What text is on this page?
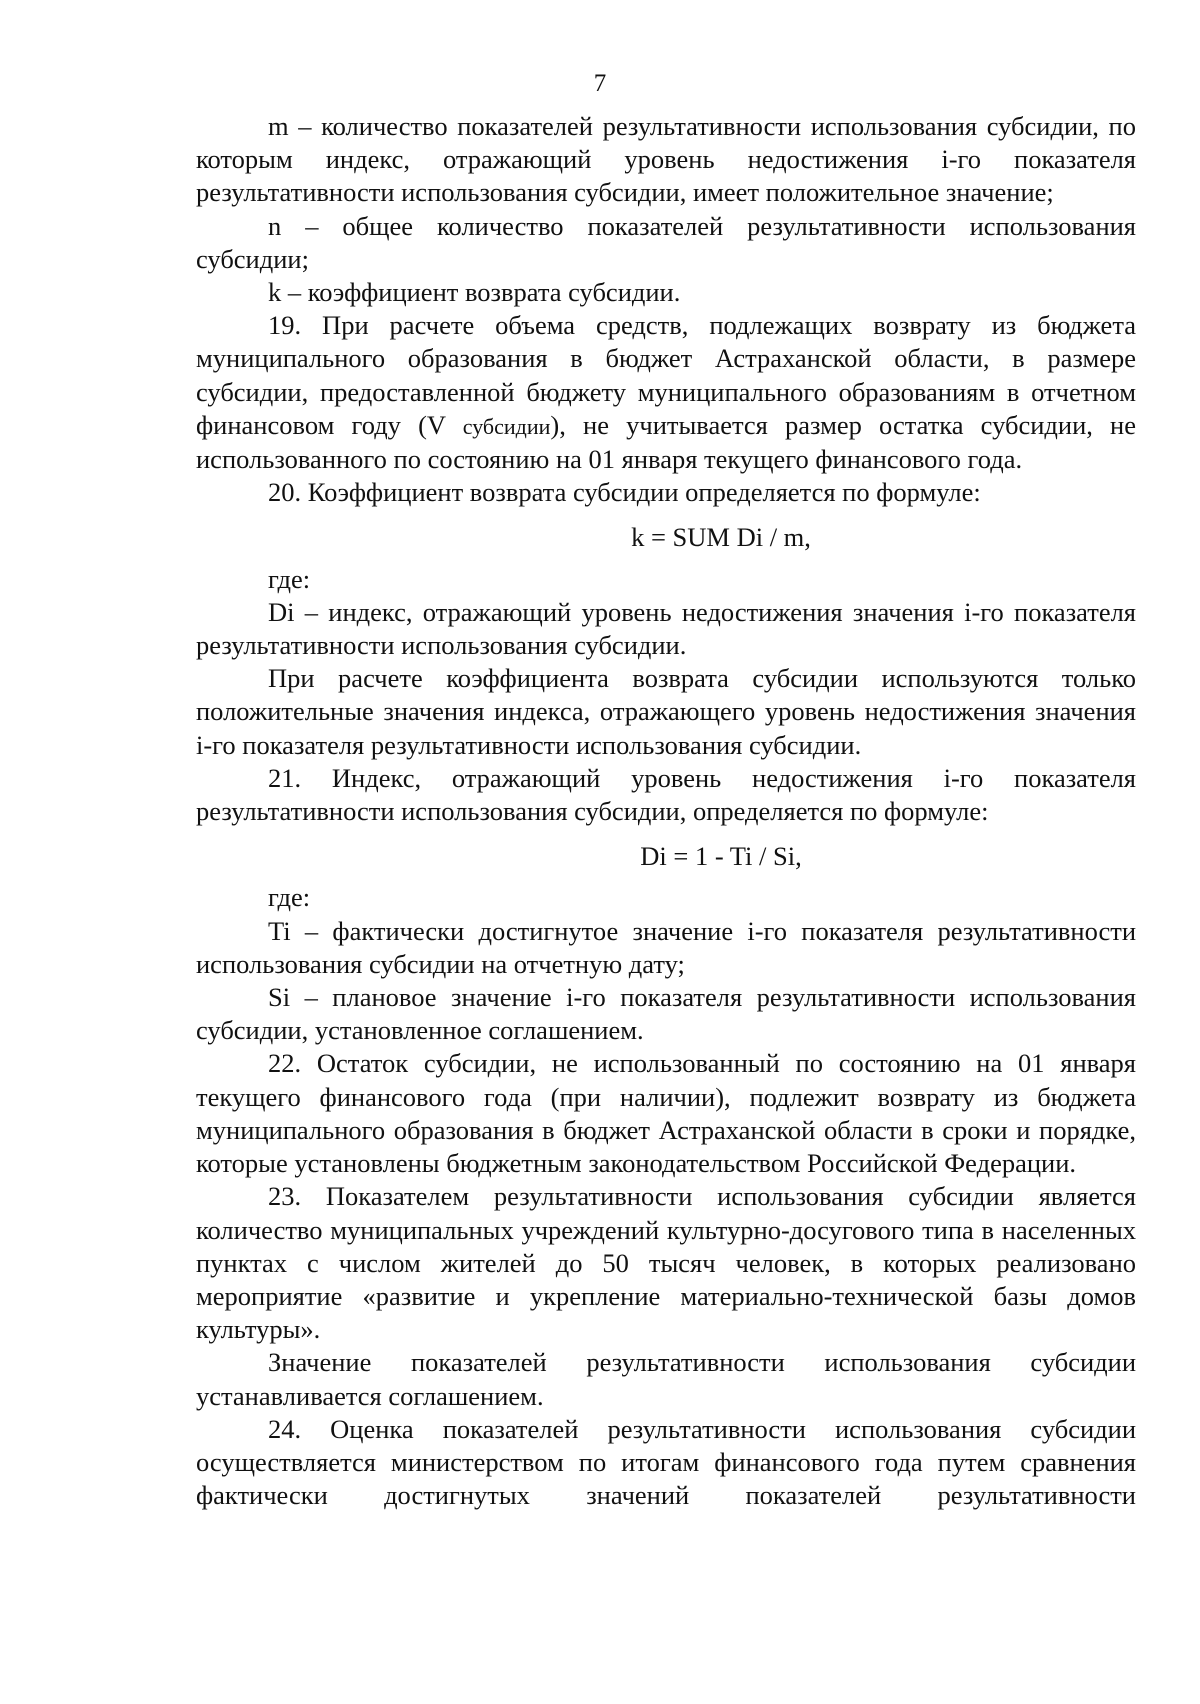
7

m – количество показателей результативности использования субсидии, по которым индекс, отражающий уровень недостижения i-го показателя результативности использования субсидии, имеет положительное значение;

n – общее количество показателей результативности использования субсидии;

k – коэффициент возврата субсидии.

19. При расчете объема средств, подлежащих возврату из бюджета муниципального образования в бюджет Астраханской области, в размере субсидии, предоставленной бюджету муниципального образованиям в отчетном финансовом году (V субсидии), не учитывается размер остатка субсидии, не использованного по состоянию на 01 января текущего финансового года.

20. Коэффициент возврата субсидии определяется по формуле:

k = SUM Di / m,

где:

Di – индекс, отражающий уровень недостижения значения i-го показателя результативности использования субсидии.

При расчете коэффициента возврата субсидии используются только положительные значения индекса, отражающего уровень недостижения значения i-го показателя результативности использования субсидии.

21. Индекс, отражающий уровень недостижения i-го показателя результативности использования субсидии, определяется по формуле:

Di = 1 - Ti / Si,

где:

Ti – фактически достигнутое значение i-го показателя результативности использования субсидии на отчетную дату;

Si – плановое значение i-го показателя результативности использования субсидии, установленное соглашением.

22. Остаток субсидии, не использованный по состоянию на 01 января текущего финансового года (при наличии), подлежит возврату из бюджета муниципального образования в бюджет Астраханской области в сроки и порядке, которые установлены бюджетным законодательством Российской Федерации.

23. Показателем результативности использования субсидии является количество муниципальных учреждений культурно-досугового типа в населенных пунктах с числом жителей до 50 тысяч человек, в которых реализовано мероприятие «развитие и укрепление материально-технической базы домов культуры».

Значение показателей результативности использования субсидии устанавливается соглашением.

24. Оценка показателей результативности использования субсидии осуществляется министерством по итогам финансового года путем сравнения фактически достигнутых значений показателей результативности
